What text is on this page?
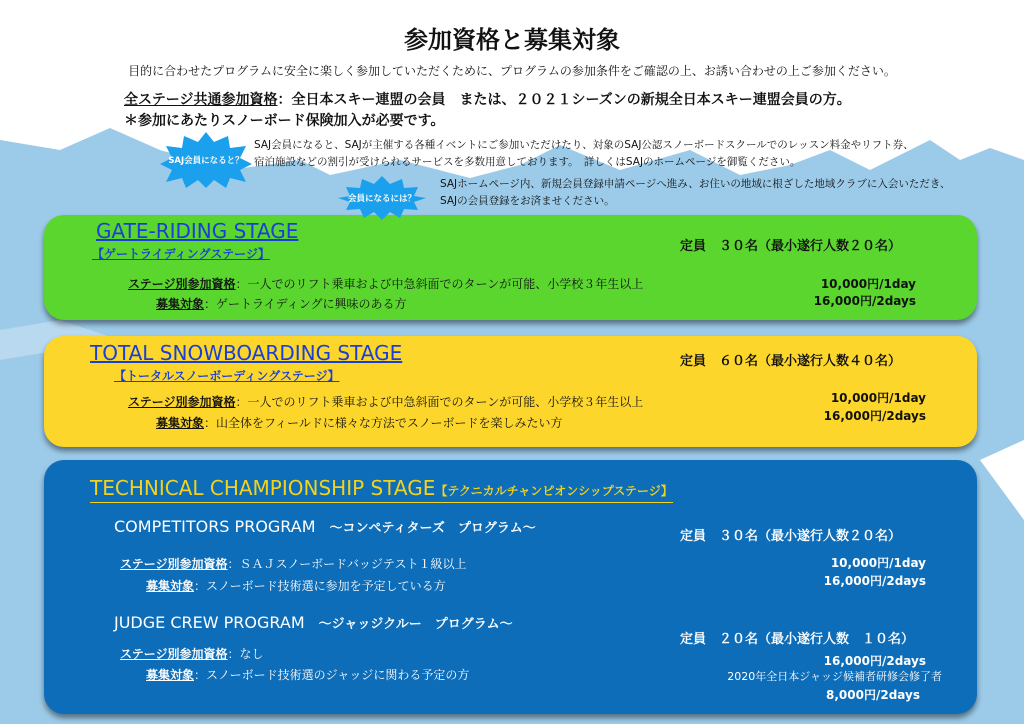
参加資格と募集対象
目的に合わせたプログラムに安全に楽しく参加していただくために、プログラムの参加条件をご確認の上、お誘い合わせの上ご参加ください。
全ステージ共通参加資格：全日本スキー連盟の会員　または、２０２１シーズンの新規全日本スキー連盟会員の方。
＊参加にあたりスノーボード保険加入が必要です。
SAJ会員になると？
SAJ会員になると、SAJが主催する各種イベントにご参加いただけたり、対象のSAJ公認スノーボードスクールでのレッスン料金やリフト券、
宿泊施設などの割引が受けられるサービスを多数用意しております。　詳しくはSAJのホームページを御覧ください。
会員になるには？
SAJホームページ内、新規会員登録申請ページへ進み、お住いの地域に根ざした地域クラブに入会いただき、
SAJの会員登録をお済ませください。
GATE-RIDING STAGE
【ゲートライディングステージ】	定員　３０名（最小遂行人数２０名）
ステージ別参加資格：一人でのリフト乗車および中急斜面でのターンが可能、小学校３年生以上
募集対象：ゲートライディングに興味のある方
10,000円/1day
16,000円/2days
TOTAL SNOWBOARDING STAGE
【トータルスノーボーディングステージ】
定員　６０名（最小遂行人数４０名）
ステージ別参加資格：一人でのリフト乗車および中急斜面でのターンが可能、小学校３年生以上
募集対象：山全体をフィールドに様々な方法でスノーボードを楽しみたい方
10,000円/1day
16,000円/2days
TECHNICAL CHAMPIONSHIP STAGE【テクニカルチャンピオンシップステージ】
COMPETITORS PROGRAM ～コンペティターズ　プログラム～
定員　３０名（最小遂行人数２０名）
ステージ別参加資格：ＳＡＪスノーボードバッジテスト１級以上
募集対象：スノーボード技術選に参加を予定している方
10,000円/1day
16,000円/2days
JUDGE CREW PROGRAM ～ジャッジクルー　プログラム～
定員　２０名（最小遂行人数　１０名）
ステージ別参加資格：なし
募集対象：スノーボード技術選のジャッジに関わる予定の方
16,000円/2days
2020年全日本ジャッジ候補者研修会修了者
8,000円/2days
